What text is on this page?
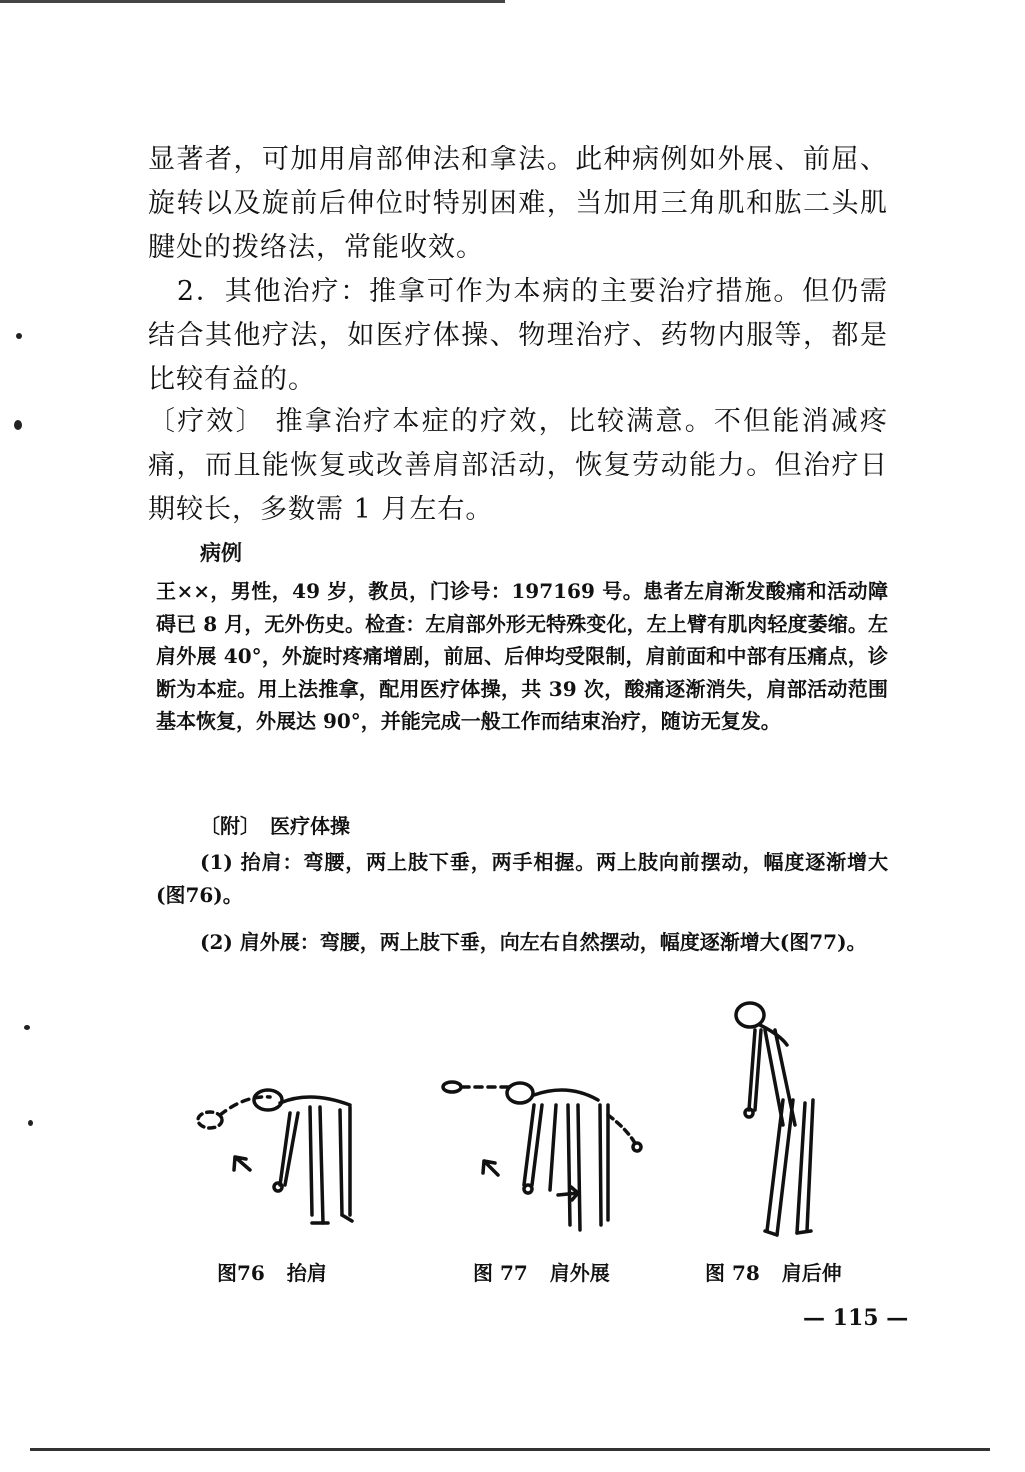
显著者，可加用肩部伸法和拿法。此种病例如外展、前屈、旋转以及旋前后伸位时特别困难，当加用三角肌和肱二头肌腱处的拨络法，常能收效。

　2．其他治疗：推拿可作为本病的主要治疗措施。但仍需结合其他疗法，如医疗体操、物理治疗、药物内服等，都是比较有益的。

〔疗效〕 推拿治疗本症的疗效，比较满意。不但能消减疼痛，而且能恢复或改善肩部活动，恢复劳动能力。但治疗日期较长，多数需 1 月左右。

病例

王××，男性，49 岁，教员，门诊号：197169 号。患者左肩渐发酸痛和活动障碍已 8 月，无外伤史。检查：左肩部外形无特殊变化，左上臂有肌肉轻度萎缩。左肩外展 40°，外旋时疼痛增剧，前屈、后伸均受限制，肩前面和中部有压痛点，诊断为本症。用上法推拿，配用医疗体操，共 39 次，酸痛逐渐消失，肩部活动范围基本恢复，外展达 90°，并能完成一般工作而结束治疗，随访无复发。

〔附〕 医疗体操

(1) 抬肩：弯腰，两上肢下垂，两手相握。两上肢向前摆动，幅度逐渐增大(图76)。

(2) 肩外展：弯腰，两上肢下垂，向左右自然摆动，幅度逐渐增大(图77)。

图76 抬肩	图 77 肩外展	图 78 肩后伸
— 115 —
